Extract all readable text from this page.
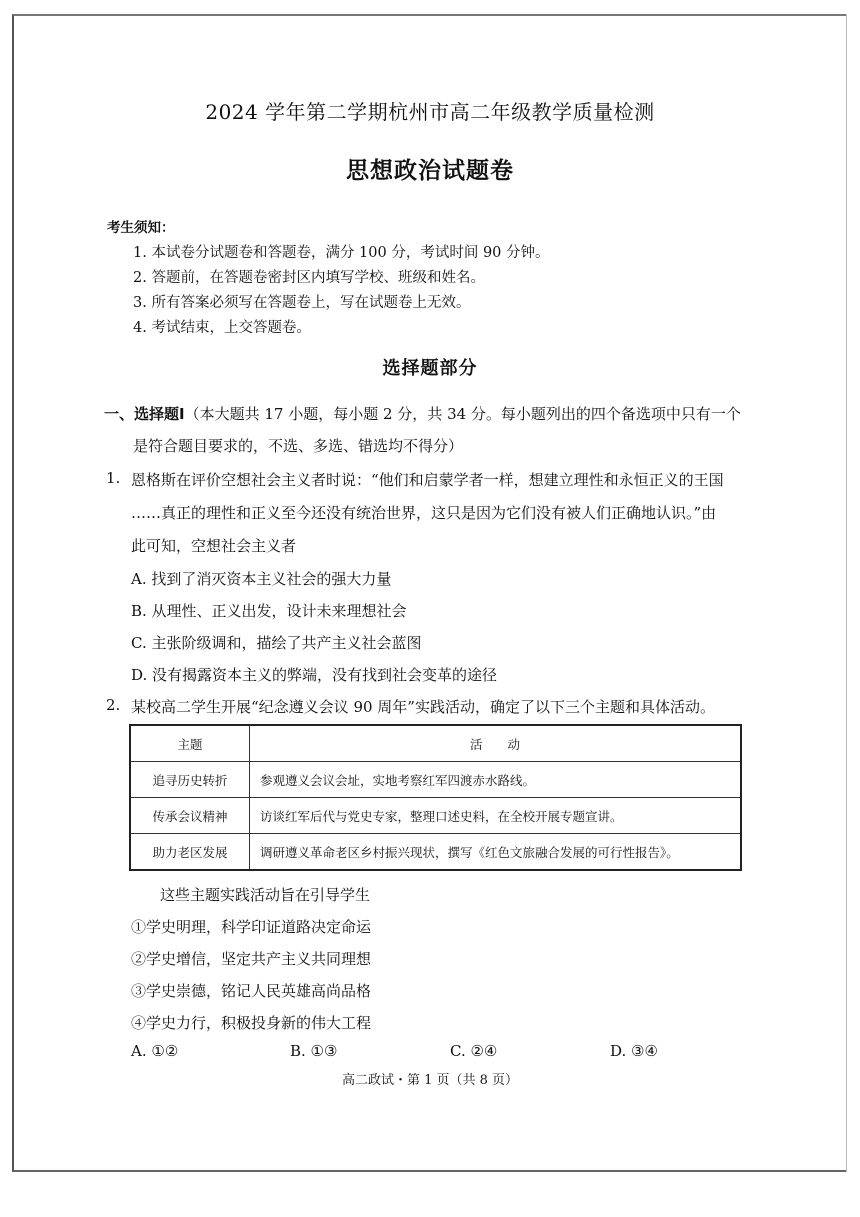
2024 学年第二学期杭州市高二年级教学质量检测
思想政治试题卷
考生须知：
1. 本试卷分试题卷和答题卷，满分 100 分，考试时间 90 分钟。
2. 答题前，在答题卷密封区内填写学校、班级和姓名。
3. 所有答案必须写在答题卷上，写在试题卷上无效。
4. 考试结束，上交答题卷。
选择题部分
一、选择题Ⅰ（本大题共 17 小题，每小题 2 分，共 34 分。每小题列出的四个备选项中只有一个
是符合题目要求的，不选、多选、错选均不得分）
1. 恩格斯在评价空想社会主义者时说：“他们和启蒙学者一样，想建立理性和永恒正义的王国
……真正的理性和正义至今还没有统治世界，这只是因为它们没有被人们正确地认识。”由
此可知，空想社会主义者
A. 找到了消灭资本主义社会的强大力量
B. 从理性、正义出发，设计未来理想社会
C. 主张阶级调和，描绘了共产主义社会蓝图
D. 没有揭露资本主义的弊端，没有找到社会变革的途径
2. 某校高二学生开展“纪念遵义会议 90 周年”实践活动，确定了以下三个主题和具体活动。
主题	活　　动
追寻历史转折	参观遵义会议会址，实地考察红军四渡赤水路线。
传承会议精神	访谈红军后代与党史专家，整理口述史料，在全校开展专题宣讲。
助力老区发展	调研遵义革命老区乡村振兴现状，撰写《红色文旅融合发展的可行性报告》。
这些主题实践活动旨在引导学生
①学史明理，科学印证道路决定命运
②学史增信，坚定共产主义共同理想
③学史崇德，铭记人民英雄高尚品格
④学史力行，积极投身新的伟大工程
A. ①②	B. ①③	C. ②④	D. ③④
高二政试・第 1 页（共 8 页）
